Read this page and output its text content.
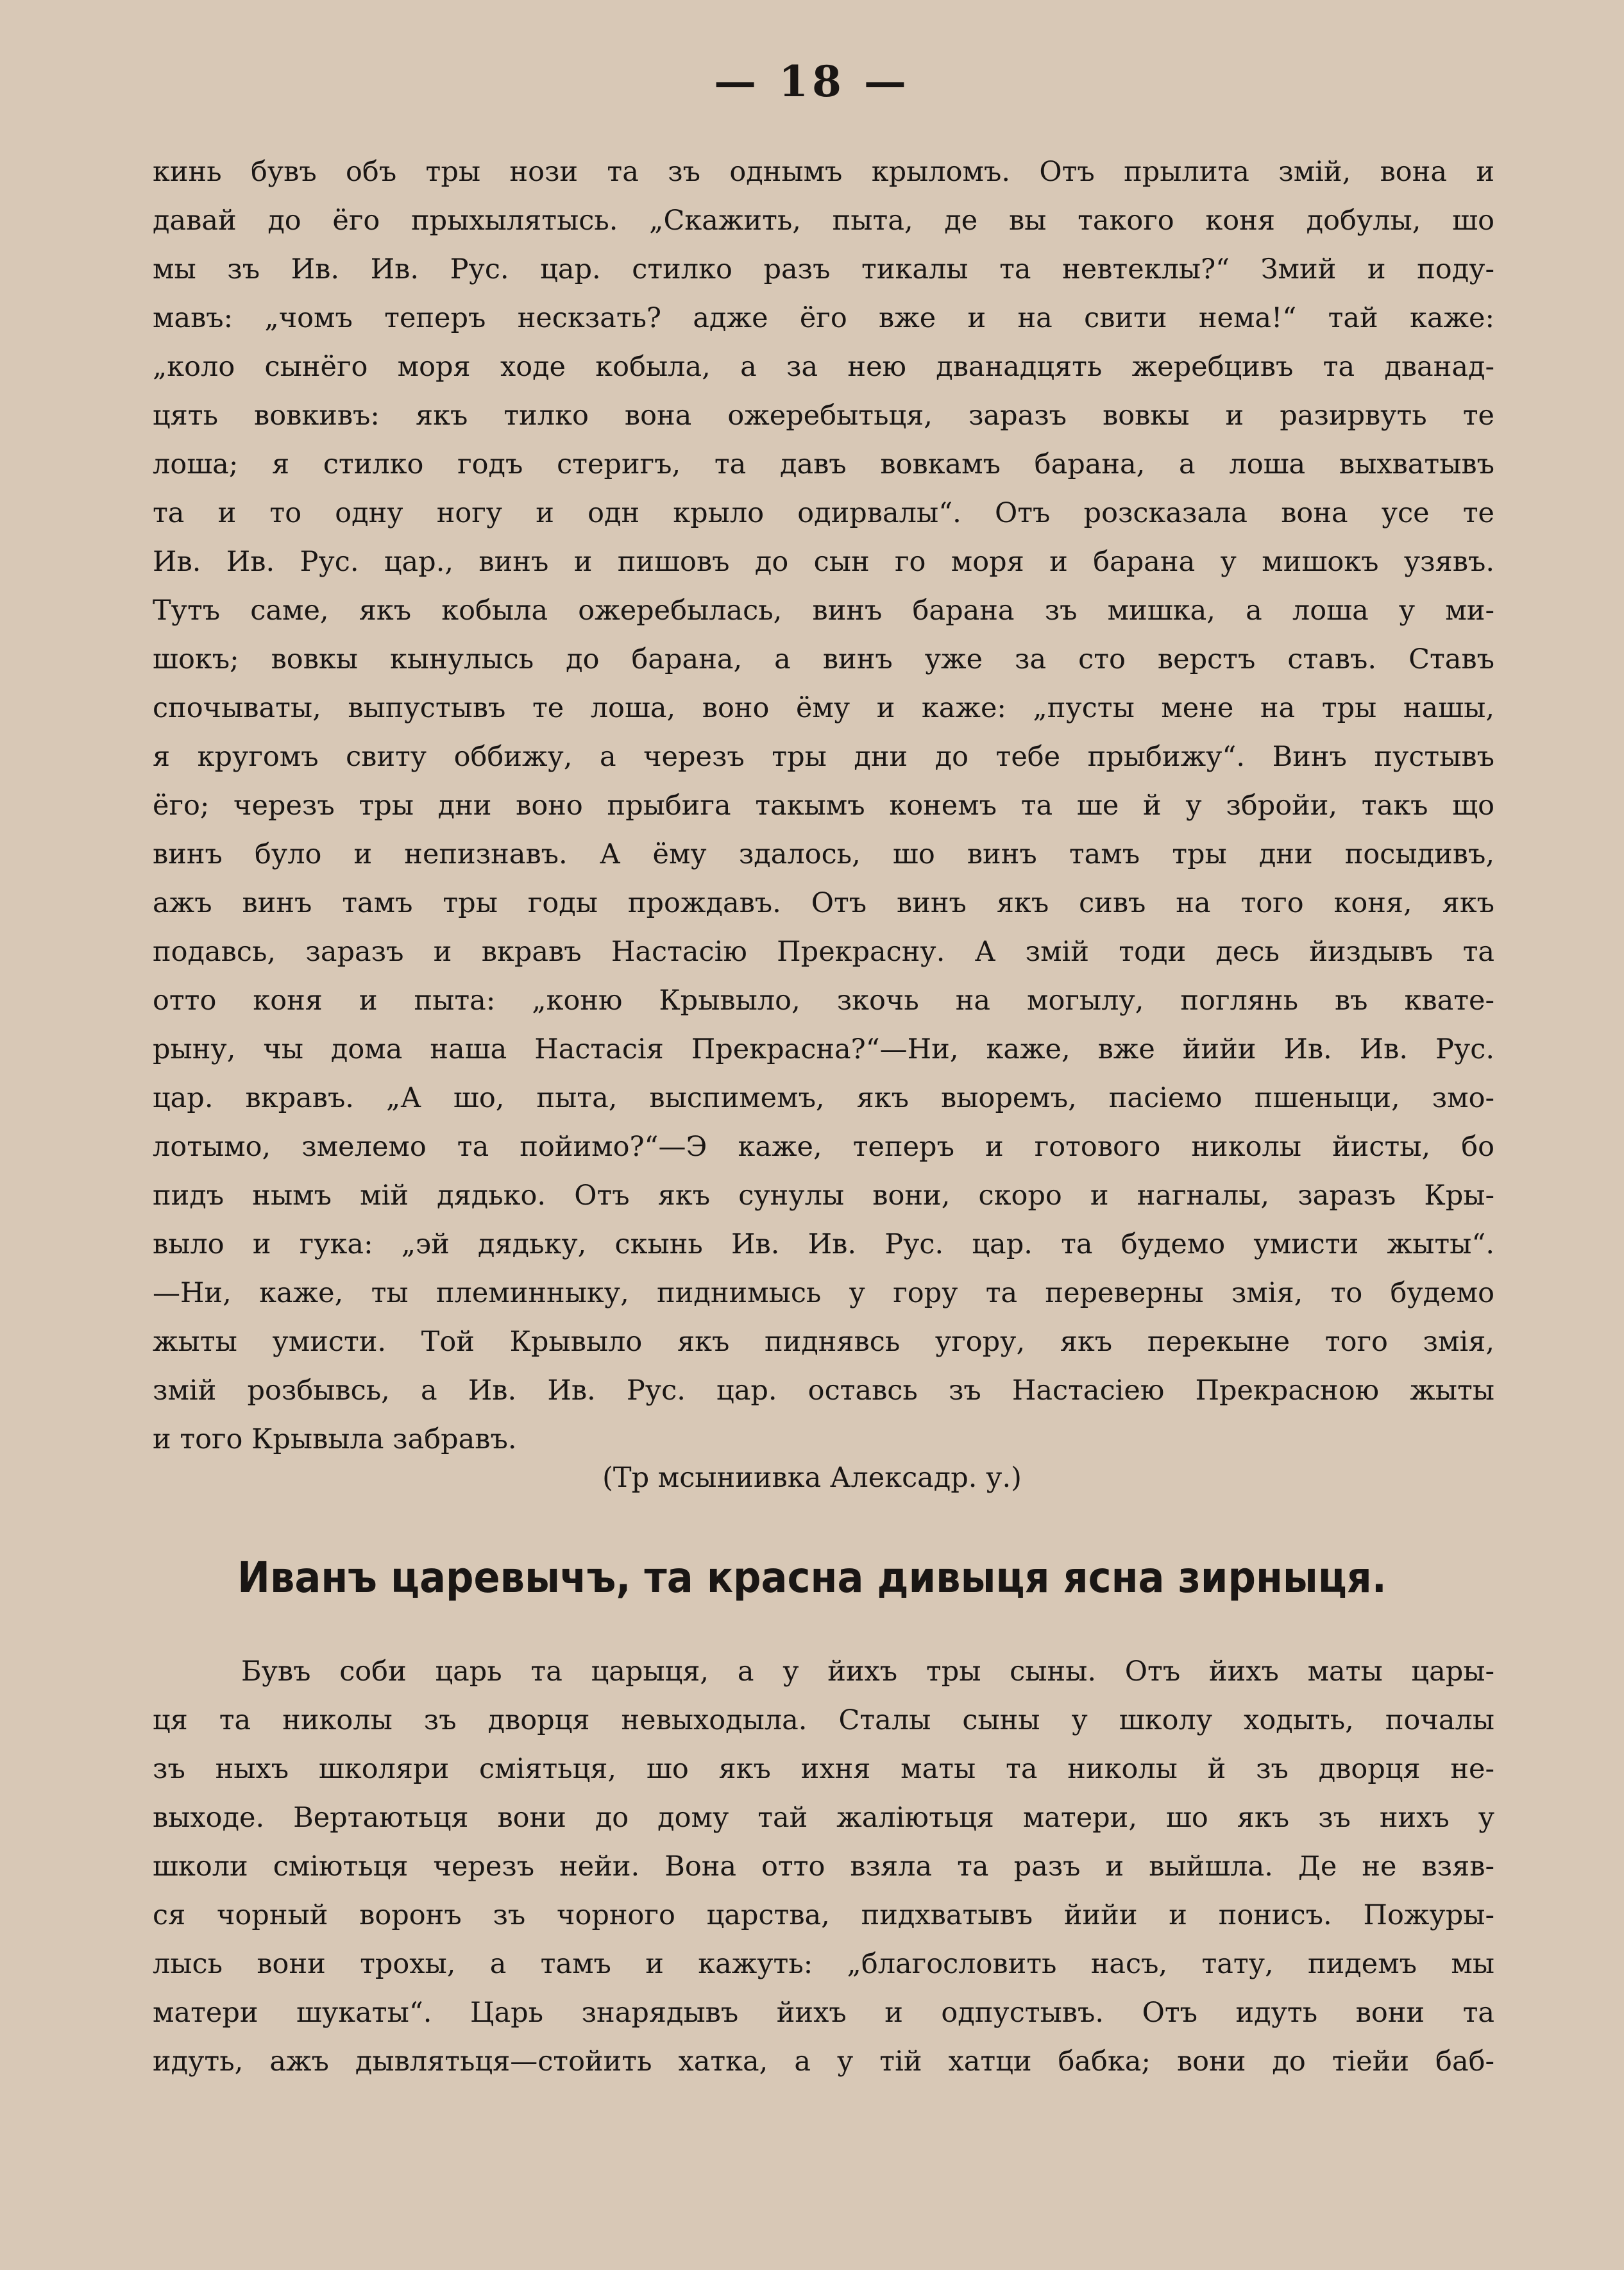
— 18 —
кинь бувъ объ тры нози та зъ однымъ крыломъ. Отъ прылита змій, вона и
давай до ёго прыхылятысь. „Скажить, пыта, де вы такого коня добулы, шо
мы зъ Ив. Ив. Рус. цар. стилко разъ тикалы та невтеклы?“ Змий и поду-
мавъ: „чомъ теперъ нескзать? адже ёго вже и на свити нема!“ тай каже:
„коло сынёго моря ходе кобыла, а за нею дванадцять жеребцивъ та дванад-
цять вовкивъ: якъ тилко вона ожеребытьця, заразъ вовкы и разирвуть те
лоша; я стилко годъ стеригъ, та давъ вовкамъ барана, а лоша выхватывъ
та и то одну ногу и одн крыло одирвалы“. Отъ розсказала вона усе те
Ив. Ив. Рус. цар., винъ и пишовъ до сын го моря и барана у мишокъ узявъ.
Тутъ саме, якъ кобыла ожеребылась, винъ барана зъ мишка, а лоша у ми-
шокъ; вовкы кынулысь до барана, а винъ уже за сто верстъ ставъ. Ставъ
спочываты, выпустывъ те лоша, воно ёму и каже: „пусты мене на тры нашы,
я кругомъ свиту оббижу, а черезъ тры дни до тебе прыбижу“. Винъ пустывъ
ёго; черезъ тры дни воно прыбига такымъ конемъ та ше й у збройи, такъ що
винъ було и непизнавъ. А ёму здалось, шо винъ тамъ тры дни посыдивъ,
ажъ винъ тамъ тры годы прождавъ. Отъ винъ якъ сивъ на того коня, якъ
подавсь, заразъ и вкравъ Настасію Прекрасну. А змій тоди десь йиздывъ та
отто коня и пыта: „коню Крывыло, зкочь на могылу, поглянь въ квате-
рыну, чы дома наша Настасія Прекрасна?“—Ни, каже, вже йийи Ив. Ив. Рус.
цар. вкравъ. „А шо, пыта, выспимемъ, якъ выоремъ, пасіемо пшеныци, змо-
лотымо, змелемо та пойимо?“—Э каже, теперъ и готового николы йисты, бо
пидъ нымъ мій дядько. Отъ якъ сунулы вони, скоро и нагналы, заразъ Кры-
выло и гука: „эй дядьку, скынь Ив. Ив. Рус. цар. та будемо умисти жыты“.
—Ни, каже, ты племинныку, пиднимысь у гору та переверны змія, то будемо
жыты умисти. Той Крывыло якъ пиднявсь угору, якъ перекыне того змія,
змій розбывсь, а Ив. Ив. Рус. цар. оставсь зъ Настасіею Прекрасною жыты
и того Крывыла забравъ.
(Тр мсыниивка Алексадр. у.)
Иванъ царевычъ, та красна дивыця ясна зирныця.
Бувъ соби царь та царыця, а у йихъ тры сыны. Отъ йихъ маты цары-
ця та николы зъ дворця невыходыла. Сталы сыны у школу ходыть, почалы
зъ ныхъ школяри сміятьця, шо якъ ихня маты та николы й зъ дворця не-
выходе. Вертаютьця вони до дому тай жаліютьця матери, шо якъ зъ нихъ у
школи сміютьця черезъ нейи. Вона отто взяла та разъ и выйшла. Де не взяв-
ся чорный воронъ зъ чорного царства, пидхватывъ йийи и понисъ. Пожуры-
лысь вони трохы, а тамъ и кажуть: „благословить насъ, тату, пидемъ мы
матери шукаты“. Царь знарядывъ йихъ и одпустывъ. Отъ идуть вони та
идуть, ажъ дывлятьця—стойить хатка, а у тій хатци бабка; вони до тіейи баб-
